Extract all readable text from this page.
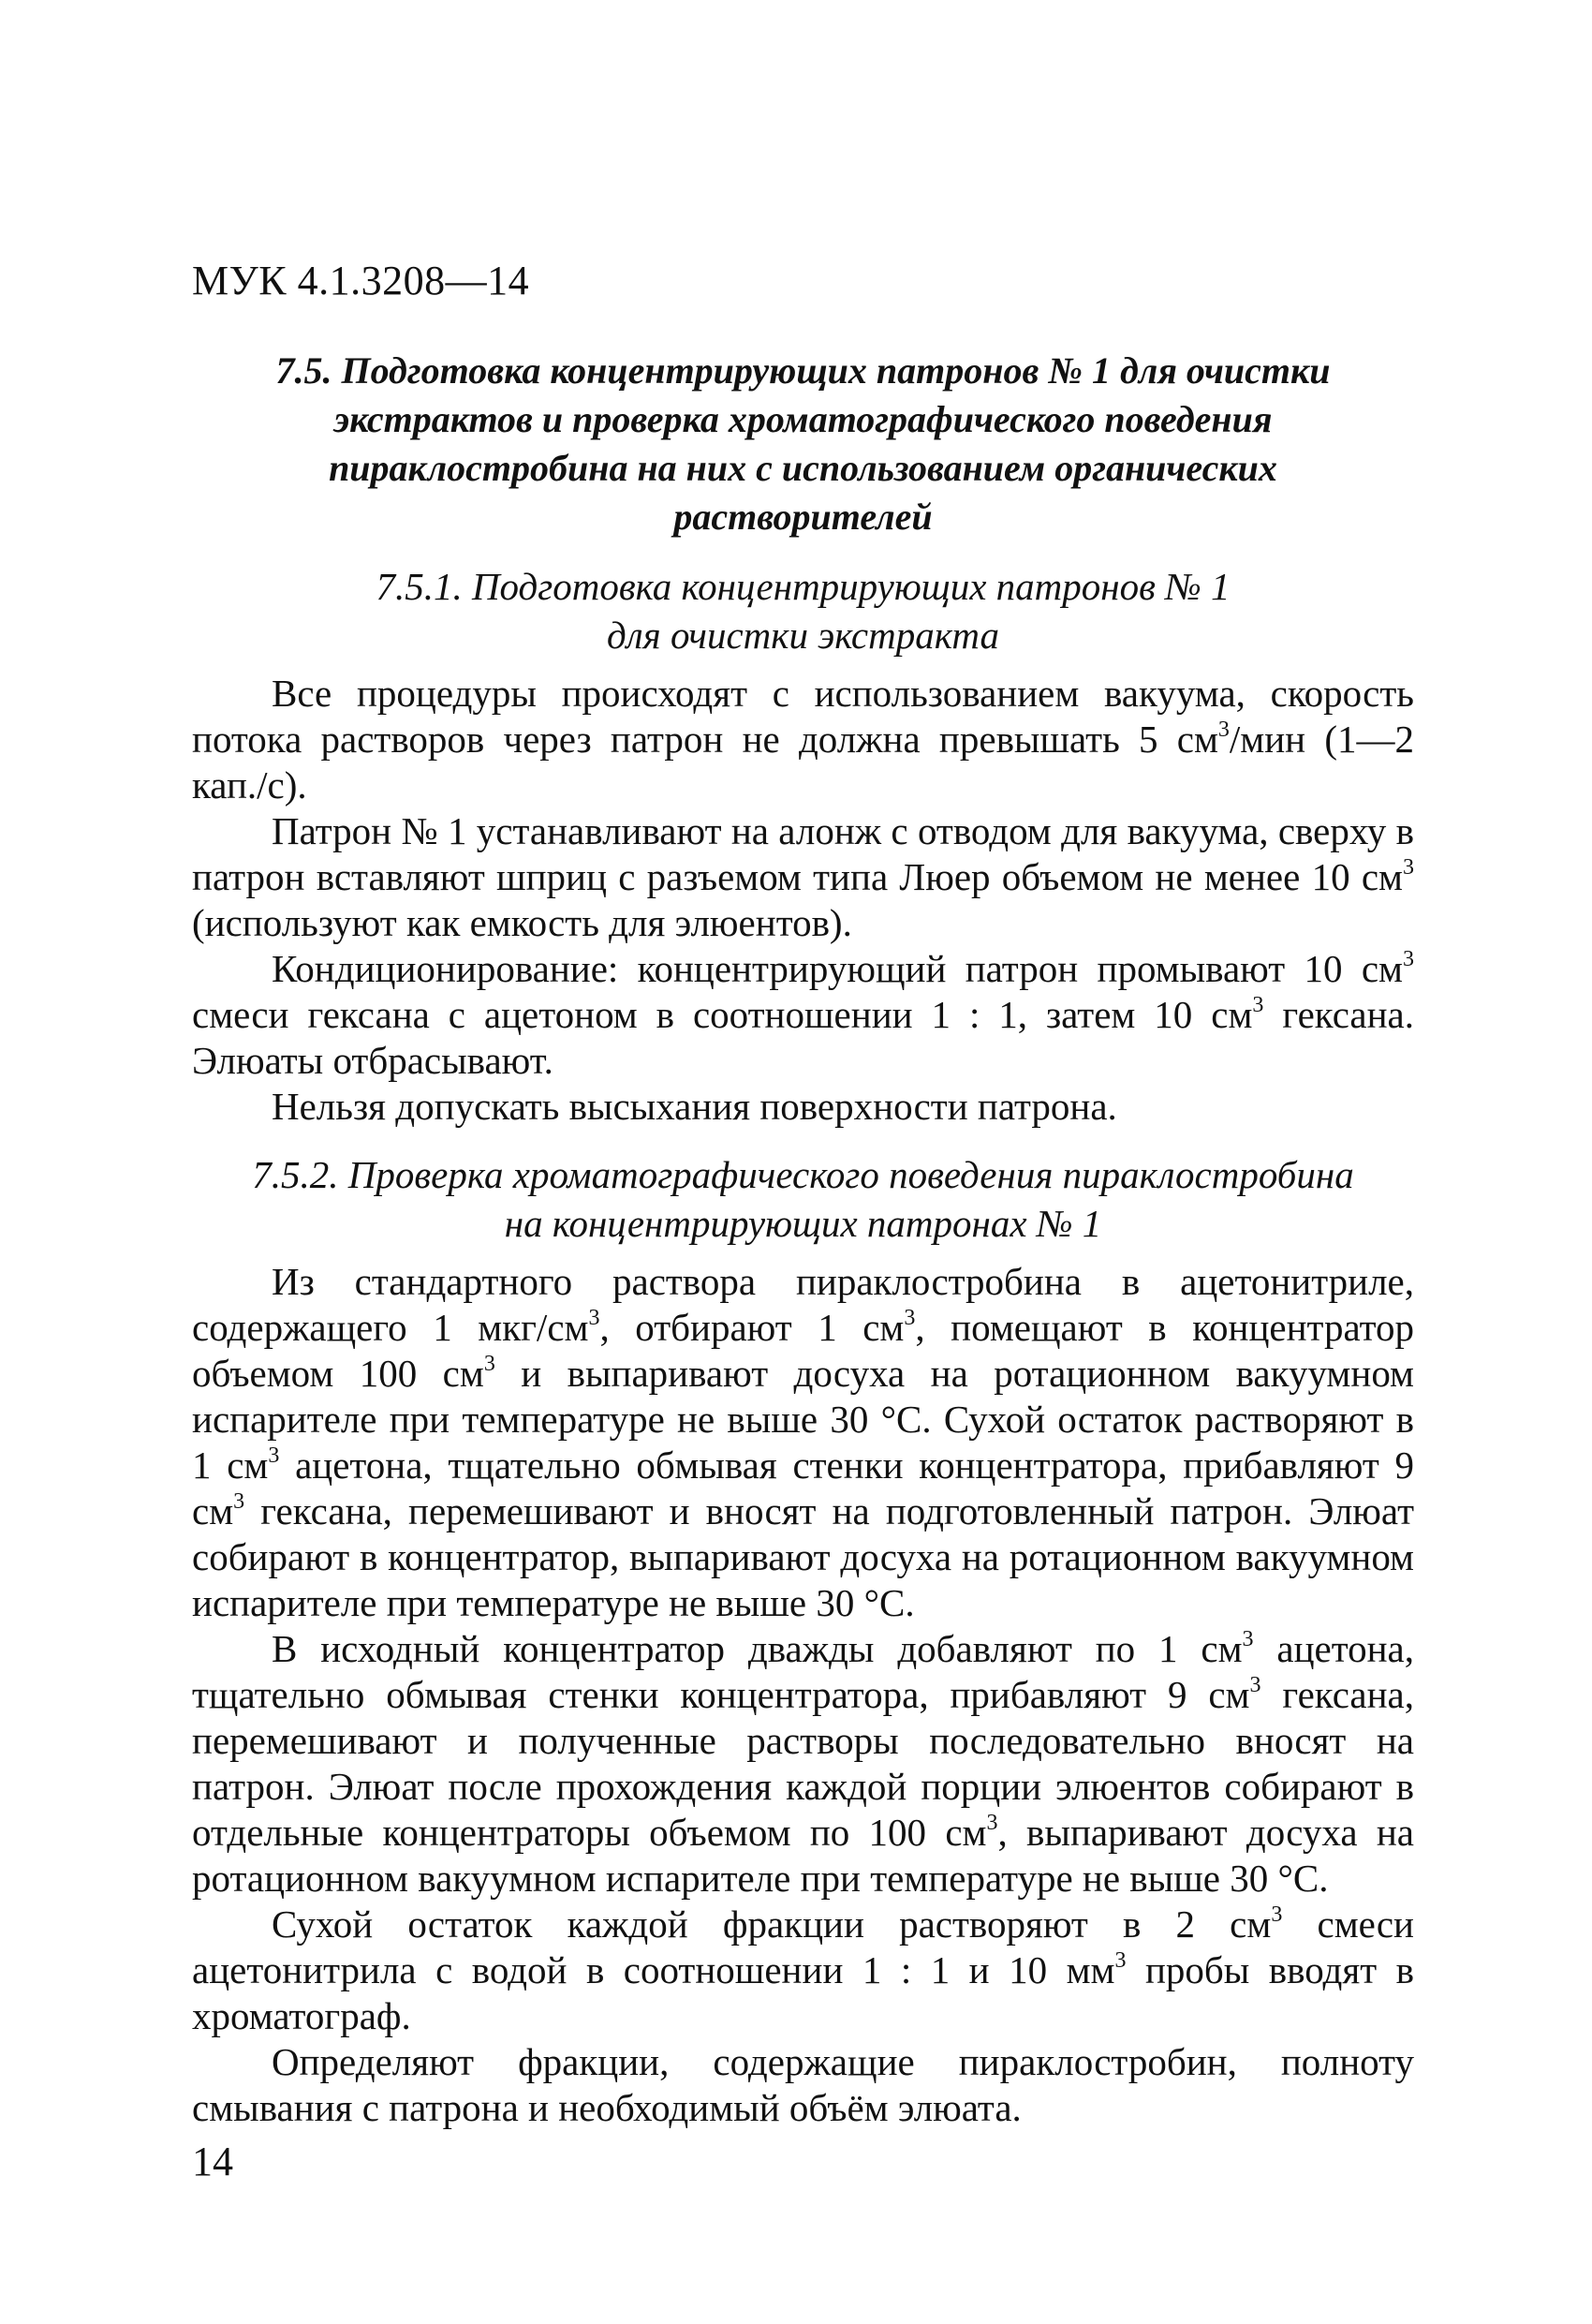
МУК 4.1.3208—14
7.5. Подготовка концентрирующих патронов № 1 для очистки экстрактов и проверка хроматографического поведения пираклостробина на них с использованием органических растворителей
7.5.1. Подготовка концентрирующих патронов № 1
для очистки экстракта

Все процедуры происходят с использованием вакуума, скорость потока растворов через патрон не должна превышать 5 $см^3$/мин (1—2 кап./с).

Патрон № 1 устанавливают на алонж с отводом для вакуума, сверху в патрон вставляют шприц с разъемом типа Люер объемом не менее 10 $см^3$ (используют как емкость для элюентов).

Кондиционирование: концентрирующий патрон промывают 10 $см^3$ смеси гексана с ацетоном в соотношении 1 : 1, затем 10 $см^3$ гексана. Элюаты отбрасывают.

Нельзя допускать высыхания поверхности патрона.

7.5.2. Проверка хроматографического поведения пираклостробина
на концентрирующих патронах № 1

Из стандартного раствора пираклостробина в ацетонитриле, содержащего 1 мкг/$см^3$, отбирают 1 $см^3$, помещают в концентратор объемом 100 $см^3$ и выпаривают досуха на ротационном вакуумном испарителе при температуре не выше 30 °С. Сухой остаток растворяют в 1 $см^3$ ацетона, тщательно обмывая стенки концентратора, прибавляют 9 $см^3$ гексана, перемешивают и вносят на подготовленный патрон. Элюат собирают в концентратор, выпаривают досуха на ротационном вакуумном испарителе при температуре не выше 30 °С.

В исходный концентратор дважды добавляют по 1 $см^3$ ацетона, тщательно обмывая стенки концентратора, прибавляют 9 $см^3$ гексана, перемешивают и полученные растворы последовательно вносят на патрон. Элюат после прохождения каждой порции элюентов собирают в отдельные концентраторы объемом по 100 $см^3$, выпаривают досуха на ротационном вакуумном испарителе при температуре не выше 30 °С.

Сухой остаток каждой фракции растворяют в 2 $см^3$ смеси ацетонитрила с водой в соотношении 1 : 1 и 10 $мм^3$ пробы вводят в хроматограф.

Определяют фракции, содержащие пираклостробин, полноту смывания с патрона и необходимый объём элюата.

14
